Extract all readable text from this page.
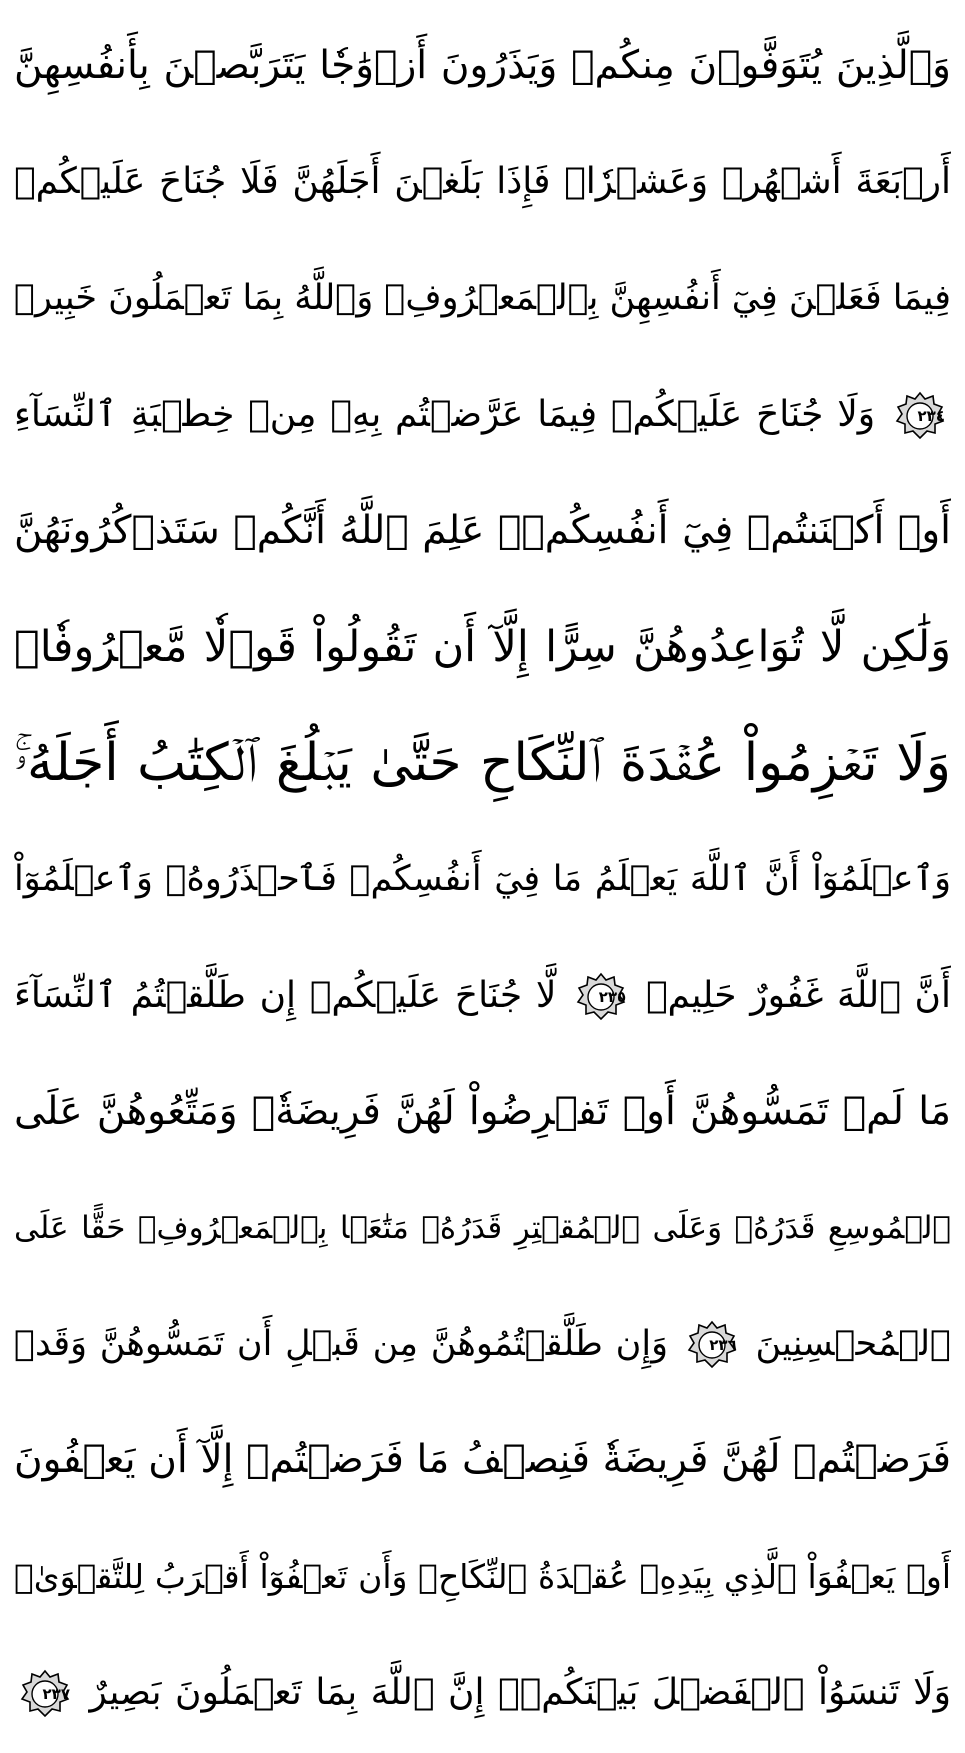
وَٱلَّذِينَ يُتَوَفَّوۡنَ مِنكُمۡ وَيَذَرُونَ أَزۡوَٰجٗا يَتَرَبَّصۡنَ بِأَنفُسِهِنَّ
أَرۡبَعَةَ أَشۡهُرٖ وَعَشۡرٗاۖ فَإِذَا بَلَغۡنَ أَجَلَهُنَّ فَلَا جُنَاحَ عَلَيۡكُمۡ
فِيمَا فَعَلۡنَ فِيٓ أَنفُسِهِنَّ بِٱلۡمَعۡرُوفِۗ وَٱللَّهُ بِمَا تَعۡمَلُونَ خَبِيرٞ
٢٣٤
وَلَا جُنَاحَ عَلَيۡكُمۡ فِيمَا عَرَّضۡتُم بِهِۦ مِنۡ خِطۡبَةِ ٱلنِّسَآءِ
أَوۡ أَكۡنَنتُمۡ فِيٓ أَنفُسِكُمۡۚ عَلِمَ ٱللَّهُ أَنَّكُمۡ سَتَذۡكُرُونَهُنَّ
وَلَٰكِن لَّا تُوَاعِدُوهُنَّ سِرًّا إِلَّآ أَن تَقُولُواْ قَوۡلٗا مَّعۡرُوفٗاۚ
وَلَا تَعۡزِمُواْ عُقۡدَةَ ٱلنِّكَاحِ حَتَّىٰ يَبۡلُغَ ٱلۡكِتَٰبُ أَجَلَهُۥۚ
وَٱعۡلَمُوٓاْ أَنَّ ٱللَّهَ يَعۡلَمُ مَا فِيٓ أَنفُسِكُمۡ فَٱحۡذَرُوهُۚ وَٱعۡلَمُوٓاْ
أَنَّ ٱللَّهَ غَفُورٌ حَلِيمٞ
٢٣٥
لَّا جُنَاحَ عَلَيۡكُمۡ إِن طَلَّقۡتُمُ ٱلنِّسَآءَ
مَا لَمۡ تَمَسُّوهُنَّ أَوۡ تَفۡرِضُواْ لَهُنَّ فَرِيضَةٗۚ وَمَتِّعُوهُنَّ عَلَى
ٱلۡمُوسِعِ قَدَرُهُۥ وَعَلَى ٱلۡمُقۡتِرِ قَدَرُهُۥ مَتَٰعَۢا بِٱلۡمَعۡرُوفِۖ حَقًّا عَلَى
ٱلۡمُحۡسِنِينَ
٢٣٦
وَإِن طَلَّقۡتُمُوهُنَّ مِن قَبۡلِ أَن تَمَسُّوهُنَّ وَقَدۡ
فَرَضۡتُمۡ لَهُنَّ فَرِيضَةٗ فَنِصۡفُ مَا فَرَضۡتُمۡ إِلَّآ أَن يَعۡفُونَ
أَوۡ يَعۡفُوَاْ ٱلَّذِي بِيَدِهِۦ عُقۡدَةُ ٱلنِّكَاحِۚ وَأَن تَعۡفُوٓاْ أَقۡرَبُ لِلتَّقۡوَىٰۚ
وَلَا تَنسَوُاْ ٱلۡفَضۡلَ بَيۡنَكُمۡۚ إِنَّ ٱللَّهَ بِمَا تَعۡمَلُونَ بَصِيرٌ
٢٣٧
